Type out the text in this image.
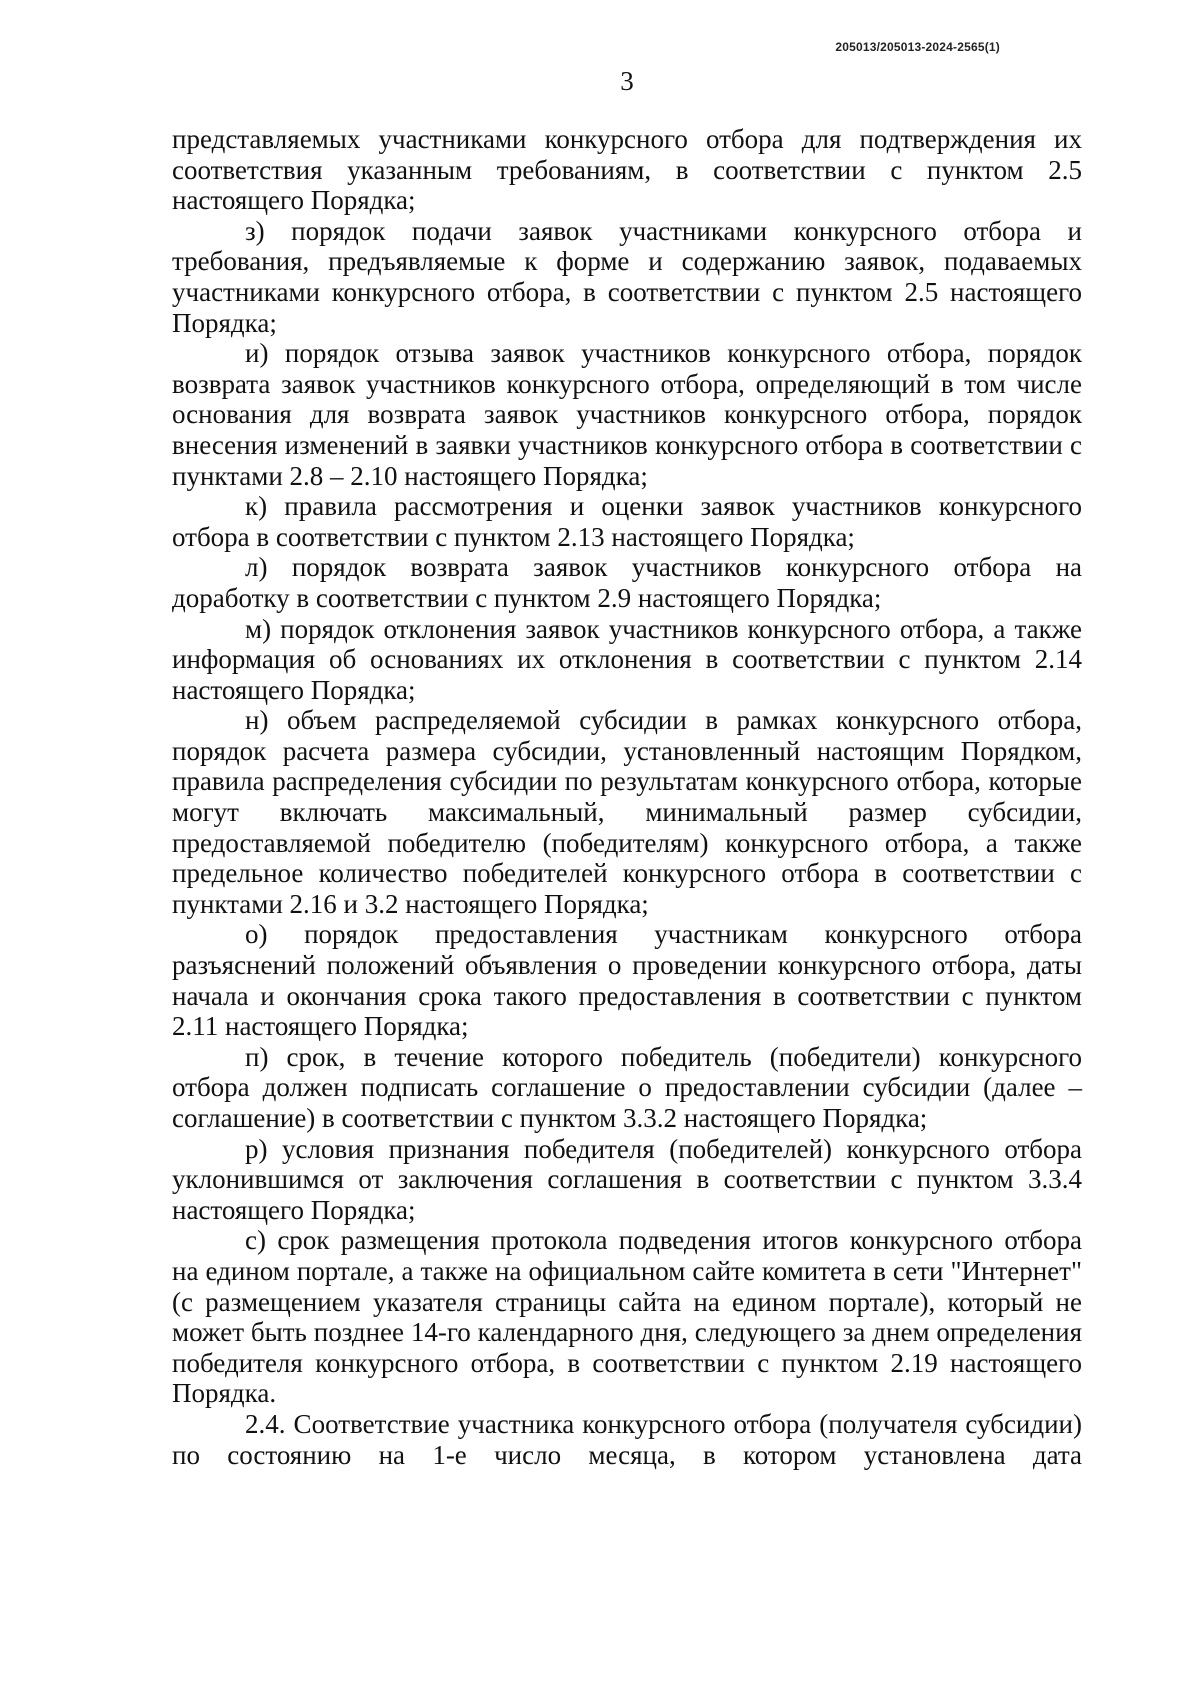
205013/205013-2024-2565(1)
3

представляемых участниками конкурсного отбора для подтверждения их соответствия указанным требованиям, в соответствии с пунктом 2.5 настоящего Порядка;

з) порядок подачи заявок участниками конкурсного отбора и требования, предъявляемые к форме и содержанию заявок, подаваемых участниками конкурсного отбора, в соответствии с пунктом 2.5 настоящего Порядка;

и) порядок отзыва заявок участников конкурсного отбора, порядок возврата заявок участников конкурсного отбора, определяющий в том числе основания для возврата заявок участников конкурсного отбора, порядок внесения изменений в заявки участников конкурсного отбора в соответствии с пунктами 2.8 – 2.10 настоящего Порядка;

к) правила рассмотрения и оценки заявок участников конкурсного отбора в соответствии с пунктом 2.13 настоящего Порядка;

л) порядок возврата заявок участников конкурсного отбора на доработку в соответствии с пунктом 2.9 настоящего Порядка;

м) порядок отклонения заявок участников конкурсного отбора, а также информация об основаниях их отклонения в соответствии с пунктом 2.14 настоящего Порядка;

н) объем распределяемой субсидии в рамках конкурсного отбора, порядок расчета размера субсидии, установленный настоящим Порядком, правила распределения субсидии по результатам конкурсного отбора, которые могут включать максимальный, минимальный размер субсидии, предоставляемой победителю (победителям) конкурсного отбора, а также предельное количество победителей конкурсного отбора в соответствии с пунктами 2.16 и 3.2 настоящего Порядка;

о) порядок предоставления участникам конкурсного отбора разъяснений положений объявления о проведении конкурсного отбора, даты начала и окончания срока такого предоставления в соответствии с пунктом 2.11 настоящего Порядка;

п) срок, в течение которого победитель (победители) конкурсного отбора должен подписать соглашение о предоставлении субсидии (далее – соглашение) в соответствии с пунктом 3.3.2 настоящего Порядка;

р) условия признания победителя (победителей) конкурсного отбора уклонившимся от заключения соглашения в соответствии с пунктом 3.3.4 настоящего Порядка;

с) срок размещения протокола подведения итогов конкурсного отбора на едином портале, а также на официальном сайте комитета в сети "Интернет" (с размещением указателя страницы сайта на едином портале), который не может быть позднее 14-го календарного дня, следующего за днем определения победителя конкурсного отбора, в соответствии с пунктом 2.19 настоящего Порядка.

2.4. Соответствие участника конкурсного отбора (получателя субсидии) по состоянию на 1-е число месяца, в котором установлена дата
